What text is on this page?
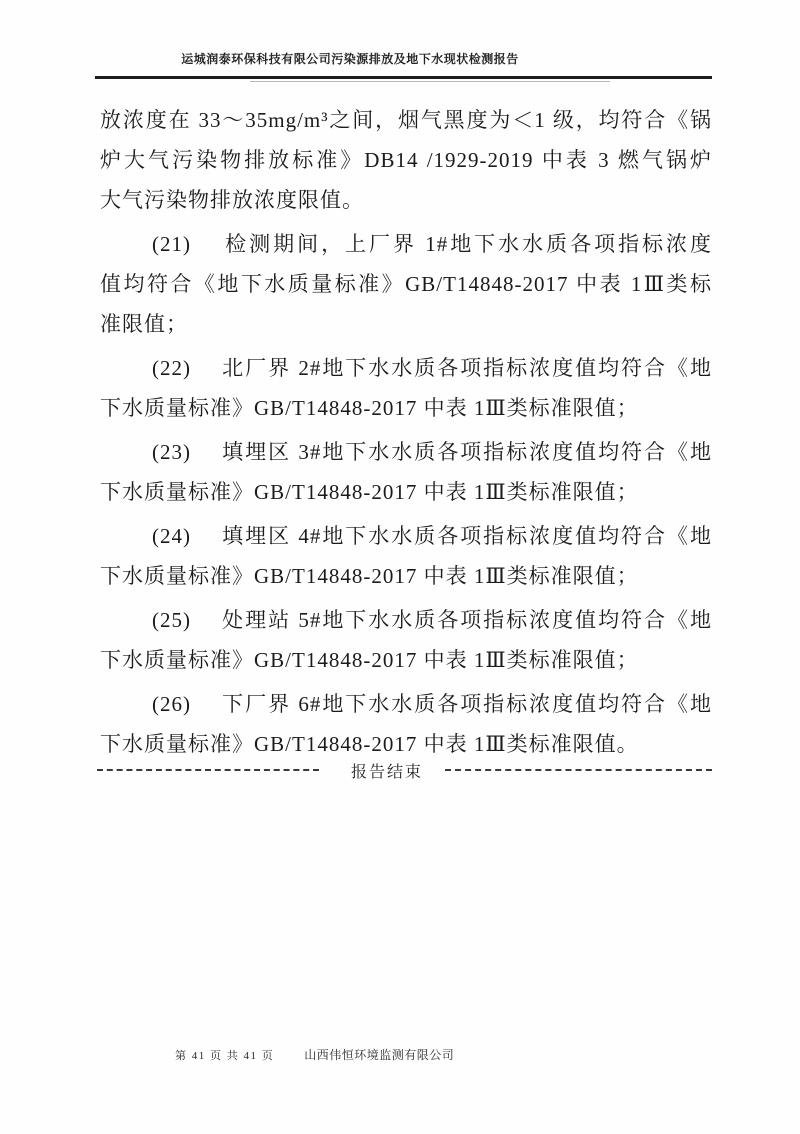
运城润泰环保科技有限公司污染源排放及地下水现状检测报告
放浓度在 33～35mg/m³之间，烟气黑度为＜1 级，均符合《锅
炉大气污染物排放标准》DB14 /1929-2019 中表 3 燃气锅炉
大气污染物排放浓度限值。
(21)　 检测期间，上厂界 1#地下水水质各项指标浓度
值均符合《地下水质量标准》GB/T14848-2017 中表 1Ⅲ类标
准限值；
(22)　 北厂界 2#地下水水质各项指标浓度值均符合《地
下水质量标准》GB/T14848-2017 中表 1Ⅲ类标准限值；
(23)　 填埋区 3#地下水水质各项指标浓度值均符合《地
下水质量标准》GB/T14848-2017 中表 1Ⅲ类标准限值；
(24)　 填埋区 4#地下水水质各项指标浓度值均符合《地
下水质量标准》GB/T14848-2017 中表 1Ⅲ类标准限值；
(25)　 处理站 5#地下水水质各项指标浓度值均符合《地
下水质量标准》GB/T14848-2017 中表 1Ⅲ类标准限值；
(26)　 下厂界 6#地下水水质各项指标浓度值均符合《地
下水质量标准》GB/T14848-2017 中表 1Ⅲ类标准限值。
报告结束
第 41 页 共 41 页	山西伟恒环境监测有限公司
